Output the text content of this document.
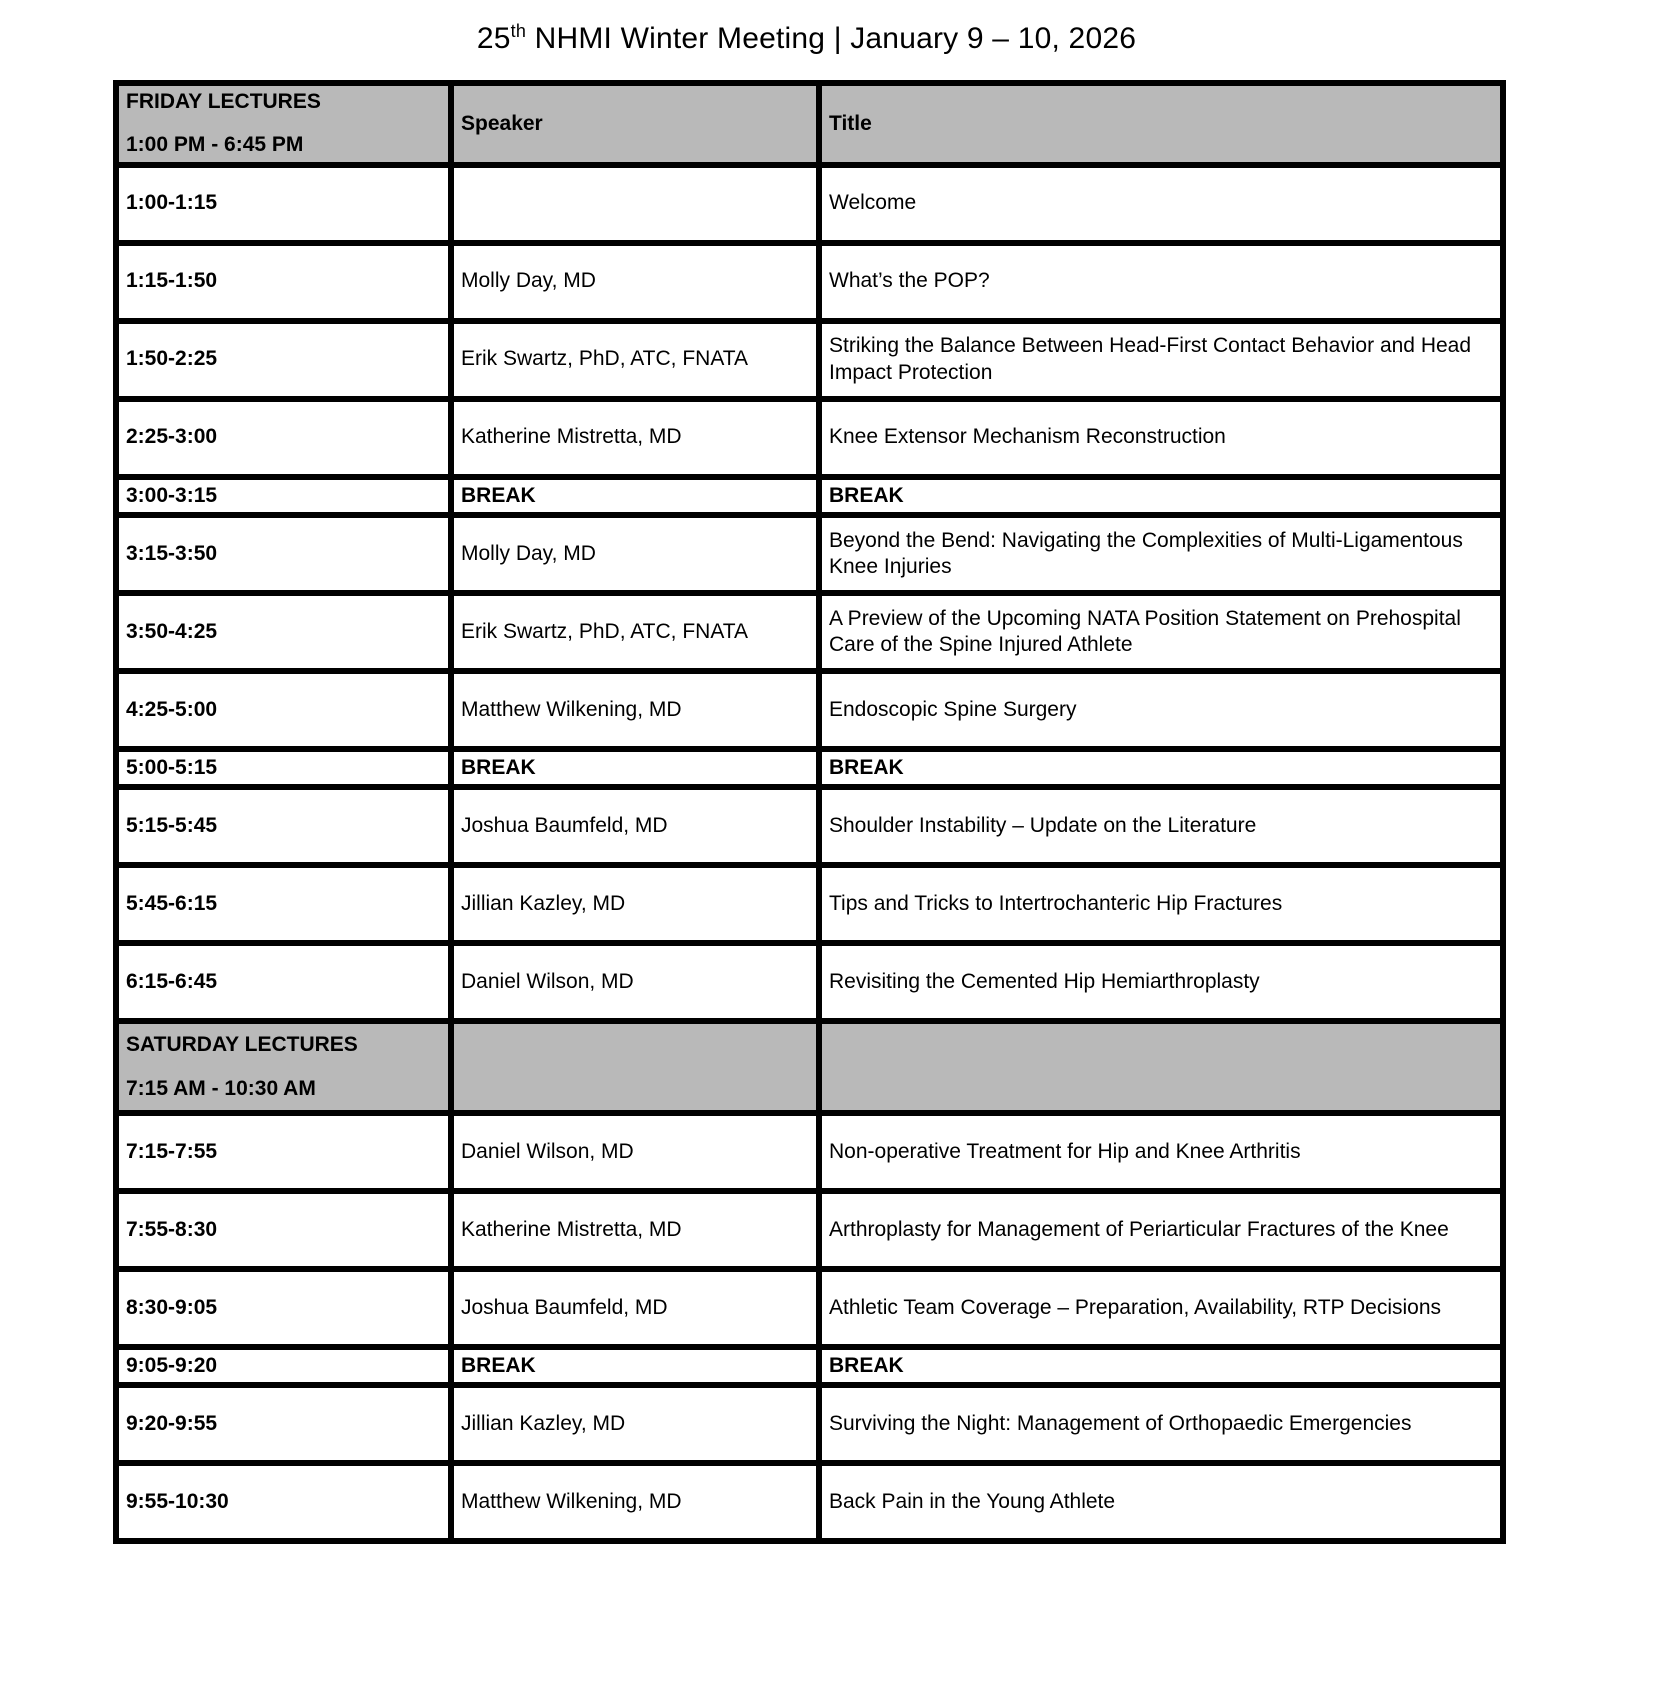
25th NHMI Winter Meeting | January 9 – 10, 2026
FRIDAY LECTURES
1:00 PM - 6:45 PM	Speaker	Title
1:00-1:15		Welcome
1:15-1:50	Molly Day, MD	What’s the POP?
1:50-2:25	Erik Swartz, PhD, ATC, FNATA	Striking the Balance Between Head-First Contact Behavior and Head Impact Protection
2:25-3:00	Katherine Mistretta, MD	Knee Extensor Mechanism Reconstruction
3:00-3:15	BREAK	BREAK
3:15-3:50	Molly Day, MD	Beyond the Bend: Navigating the Complexities of Multi-Ligamentous Knee Injuries
3:50-4:25	Erik Swartz, PhD, ATC, FNATA	A Preview of the Upcoming NATA Position Statement on Prehospital Care of the Spine Injured Athlete
4:25-5:00	Matthew Wilkening, MD	Endoscopic Spine Surgery
5:00-5:15	BREAK	BREAK
5:15-5:45	Joshua Baumfeld, MD	Shoulder Instability – Update on the Literature
5:45-6:15	Jillian Kazley, MD	Tips and Tricks to Intertrochanteric Hip Fractures
6:15-6:45	Daniel Wilson, MD	Revisiting the Cemented Hip Hemiarthroplasty

SATURDAY LECTURES
7:15 AM - 10:30 AM		

7:15-7:55	Daniel Wilson, MD	Non-operative Treatment for Hip and Knee Arthritis
7:55-8:30	Katherine Mistretta, MD	Arthroplasty for Management of Periarticular Fractures of the Knee
8:30-9:05	Joshua Baumfeld, MD	Athletic Team Coverage – Preparation, Availability, RTP Decisions
9:05-9:20	BREAK	BREAK
9:20-9:55	Jillian Kazley, MD	Surviving the Night: Management of Orthopaedic Emergencies
9:55-10:30	Matthew Wilkening, MD	Back Pain in the Young Athlete
